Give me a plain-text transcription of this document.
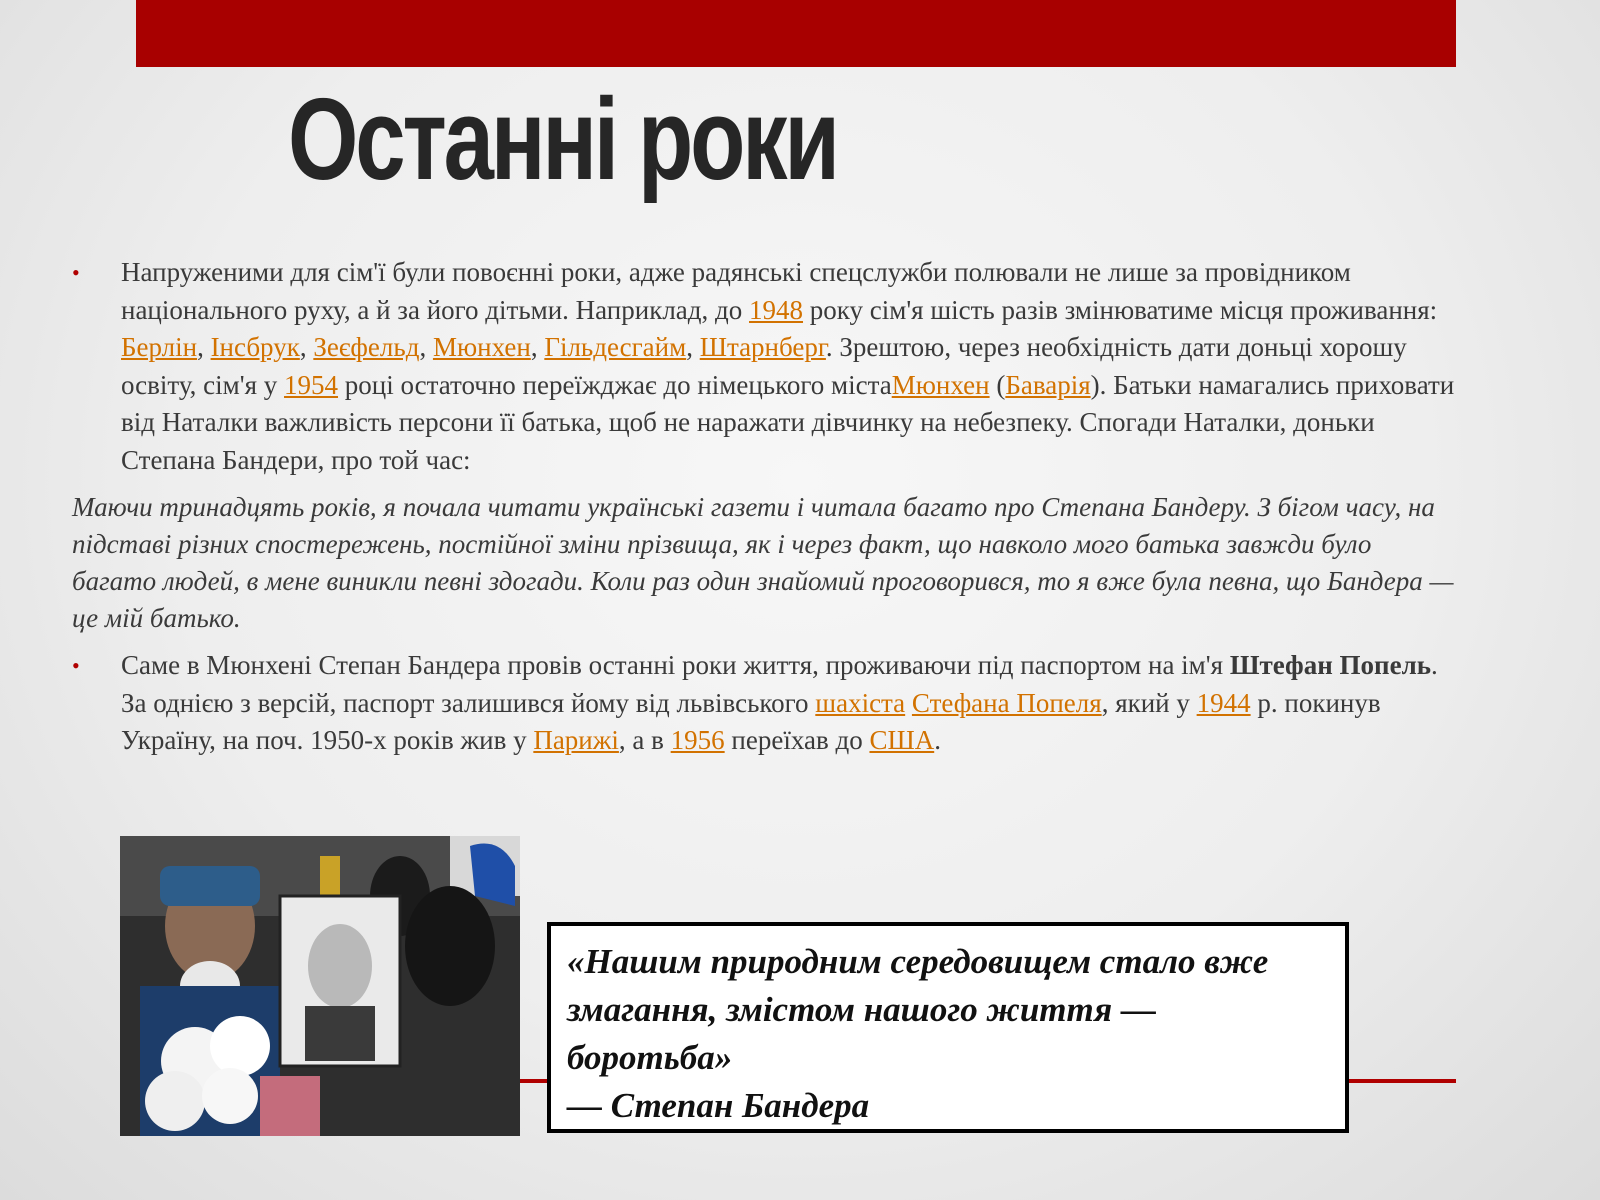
Останні роки

• Напруженими для сім'ї були повоєнні роки, адже радянські спецслужби полювали не лише за провідником національного руху, а й за його дітьми. Наприклад, до 1948 року сім'я шість разів змінюватиме місця проживання: Берлін, Інсбрук, Зеєфельд, Мюнхен, Гільдесгайм, Штарнберг. Зрештою, через необхідність дати доньці хорошу освіту, сім'я у 1954 році остаточно переїжджає до німецького містаМюнхен (Баварія). Батьки намагались приховати від Наталки важливість персони її батька, щоб не наражати дівчинку на небезпеку. Спогади Наталки, доньки Степана Бандери, про той час:

Маючи тринадцять років, я почала читати українські газети і читала багато про Степана Бандеру. З бігом часу, на підставі різних спостережень, постійної зміни прізвища, як і через факт, що навколо мого батька завжди було багато людей, в мене виникли певні здогади. Коли раз один знайомий проговорився, то я вже була певна, що Бандера — це мій батько.

• Саме в Мюнхені Степан Бандера провів останні роки життя, проживаючи під паспортом на ім'я Штефан Попель. За однією з версій, паспорт залишився йому від львівського шахіста Стефана Попеля, який у 1944 р. покинув Україну, на поч. 1950-х років жив у Парижі, а в 1956 переїхав до США.

«Нашим природним середовищем стало вже змагання, змістом нашого життя — боротьба»
— Степан Бандера
